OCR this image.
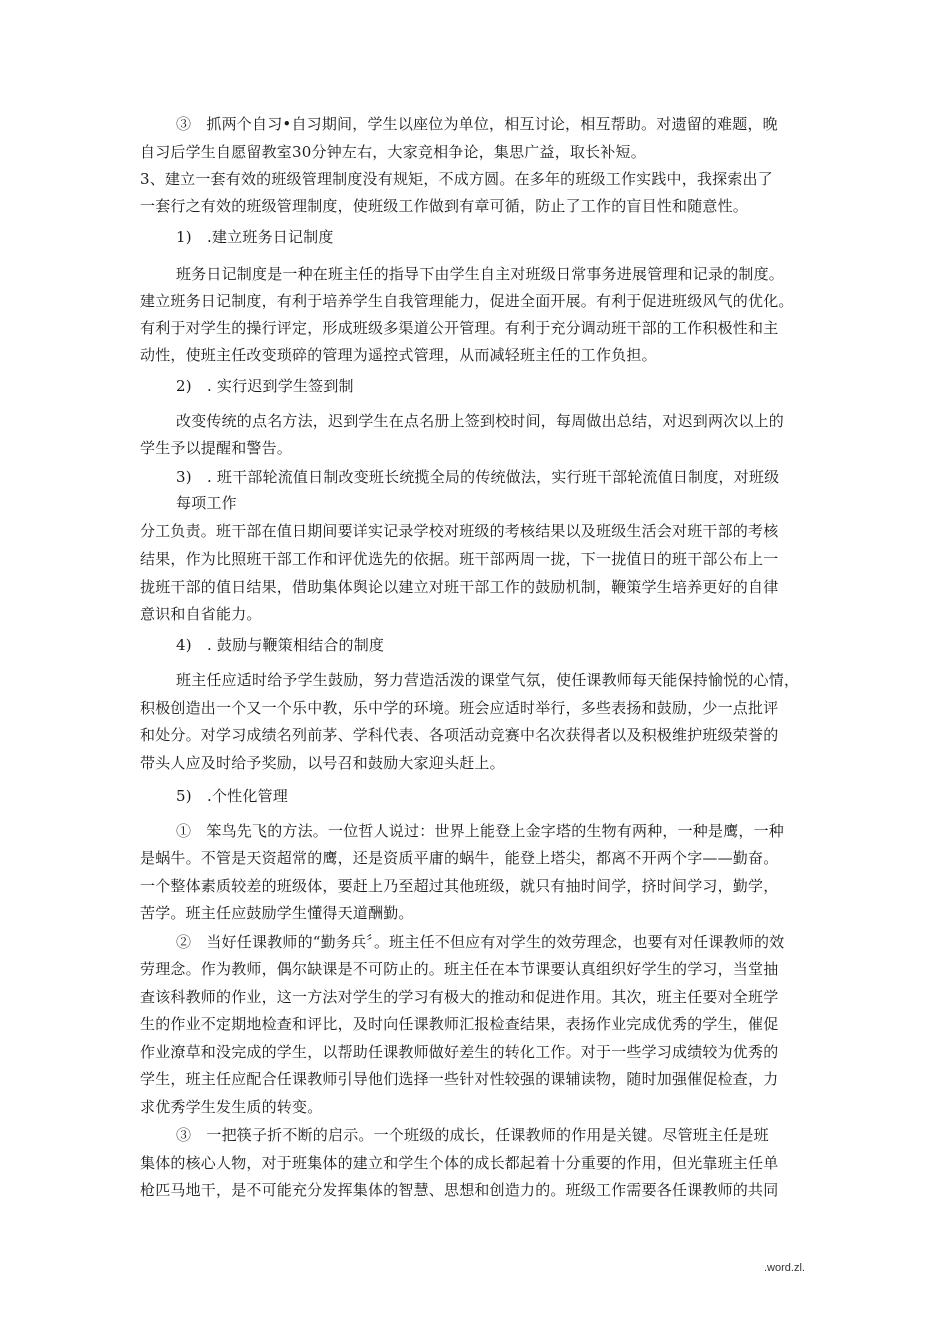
③　抓两个自习•自习期间，学生以座位为单位，相互讨论，相互帮助。对遗留的难题，晚
自习后学生自愿留教室30分钟左右，大家竞相争论，集思广益，取长补短。
3、建立一套有效的班级管理制度没有规矩，不成方圆。在多年的班级工作实践中，我探索出了
一套行之有效的班级管理制度，使班级工作做到有章可循，防止了工作的盲目性和随意性。
1)　.建立班务日记制度
班务日记制度是一种在班主任的指导下由学生自主对班级日常事务进展管理和记录的制度。
建立班务日记制度，有利于培养学生自我管理能力，促进全面开展。有利于促进班级风气的优化。
有利于对学生的操行评定，形成班级多渠道公开管理。有利于充分调动班干部的工作积极性和主
动性，使班主任改变琐碎的管理为遥控式管理，从而减轻班主任的工作负担。
2)　. 实行迟到学生签到制
改变传统的点名方法，迟到学生在点名册上签到校时间，每周做出总结，对迟到两次以上的
学生予以提醒和警告。
3)　. 班干部轮流值日制改变班长统揽全局的传统做法，实行班干部轮流值日制度，对班级
每项工作
分工负责。班干部在值日期间要详实记录学校对班级的考核结果以及班级生活会对班干部的考核
结果，作为比照班干部工作和评优选先的依据。班干部两周一拢，下一拢值日的班干部公布上一
拢班干部的值日结果，借助集体舆论以建立对班干部工作的鼓励机制，鞭策学生培养更好的自律
意识和自省能力。
4)　. 鼓励与鞭策相结合的制度
班主任应适时给予学生鼓励，努力营造活泼的课堂气氛，使任课教师每天能保持愉悦的心情，
积极创造出一个又一个乐中教，乐中学的环境。班会应适时举行，多些表扬和鼓励，少一点批评
和处分。对学习成绩名列前茅、学科代表、各项活动竞赛中名次获得者以及积极维护班级荣誉的
带头人应及时给予奖励，以号召和鼓励大家迎头赶上。
5)　.个性化管理
①　笨鸟先飞的方法。一位哲人说过：世界上能登上金字塔的生物有两种，一种是鹰，一种
是蜗牛。不管是天资超常的鹰，还是资质平庸的蜗牛，能登上塔尖，都离不开两个字——勤奋。
一个整体素质较差的班级体，要赶上乃至超过其他班级，就只有抽时间学，挤时间学习，勤学，
苦学。班主任应鼓励学生懂得天道酬勤。
②　当好任课教师的“勤务兵〞。班主任不但应有对学生的效劳理念，也要有对任课教师的效
劳理念。作为教师，偶尔缺课是不可防止的。班主任在本节课要认真组织好学生的学习，当堂抽
查该科教师的作业，这一方法对学生的学习有极大的推动和促进作用。其次，班主任要对全班学
生的作业不定期地检查和评比，及时向任课教师汇报检查结果，表扬作业完成优秀的学生，催促
作业潦草和没完成的学生，以帮助任课教师做好差生的转化工作。对于一些学习成绩较为优秀的
学生，班主任应配合任课教师引导他们选择一些针对性较强的课辅读物，随时加强催促检查，力
求优秀学生发生质的转变。
③　一把筷子折不断的启示。一个班级的成长，任课教师的作用是关键。尽管班主任是班
集体的核心人物，对于班集体的建立和学生个体的成长都起着十分重要的作用，但光靠班主任单
枪匹马地干，是不可能充分发挥集体的智慧、思想和创造力的。班级工作需要各任课教师的共同
.word.zl.
